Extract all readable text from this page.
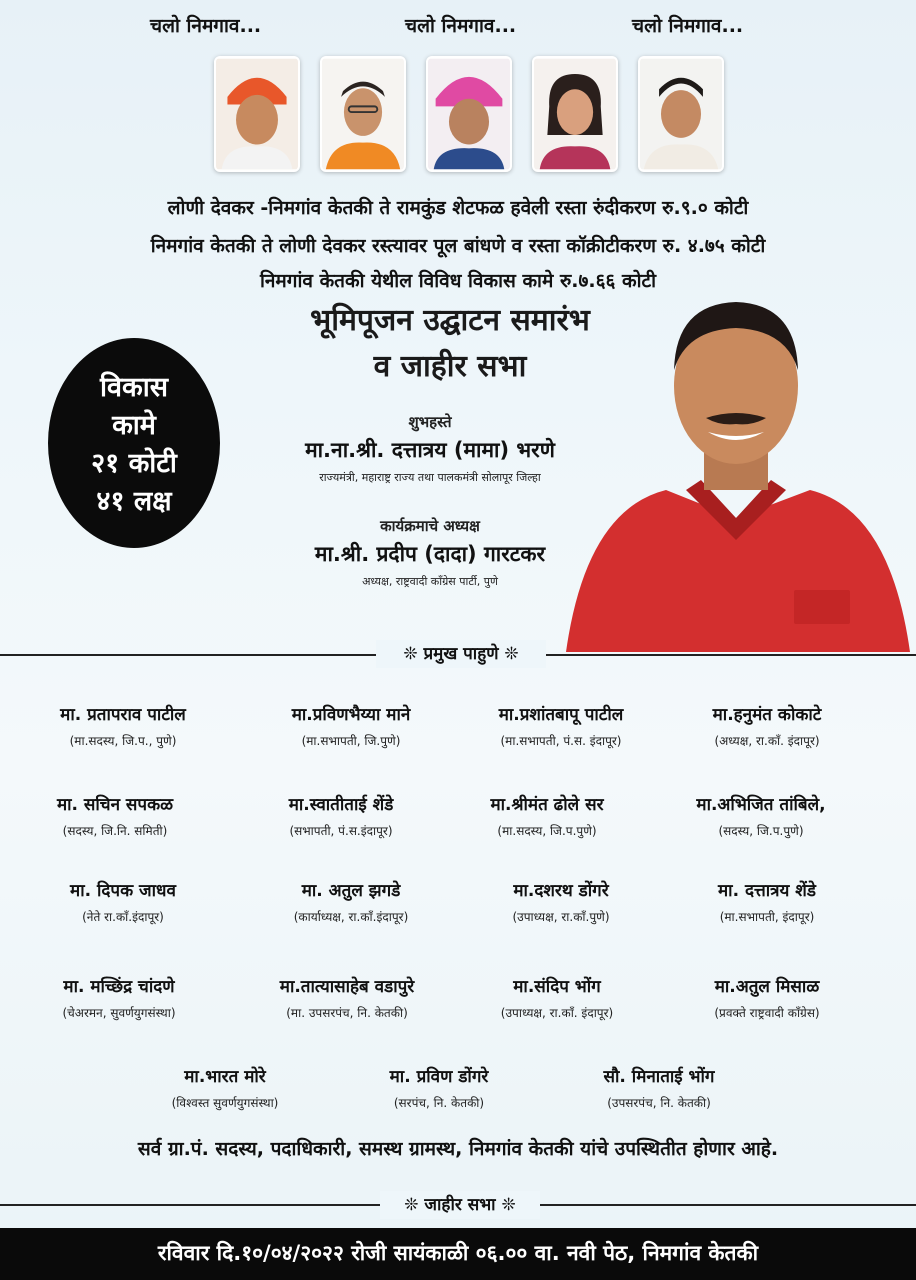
चलो निमगाव...	चलो निमगाव...	चलो निमगाव...
लोणी देवकर -निमगांव केतकी ते रामकुंड शेटफळ हवेली रस्ता रुंदीकरण रु.९.० कोटी
निमगांव केतकी ते लोणी देवकर रस्त्यावर पूल बांधणे व रस्ता कॉक्रीटीकरण रु. ४.७५ कोटी
निमगांव केतकी येथील विविध विकास कामे रु.७.६६ कोटी
भूमिपूजन उद्घाटन समारंभ
व जाहीर सभा
विकास
कामे
२१ कोटी
४१ लक्ष
शुभहस्ते
मा.ना.श्री. दत्तात्रय (मामा) भरणे
राज्यमंत्री, महाराष्ट्र राज्य तथा पालकमंत्री सोलापूर जिल्हा
कार्यक्रमाचे अध्यक्ष
मा.श्री. प्रदीप (दादा) गारटकर
अध्यक्ष, राष्ट्रवादी कॉंग्रेस पार्टी, पुणे
❊ प्रमुख पाहुणे ❊
मा. प्रतापराव पाटील
(मा.सदस्य, जि.प., पुणे)
मा.प्रविणभैय्या माने
(मा.सभापती, जि.पुणे)
मा.प्रशांतबापू पाटील
(मा.सभापती, पं.स. इंदापूर)
मा.हनुमंत कोकाटे
(अध्यक्ष, रा.कॉं. इंदापूर)
मा. सचिन सपकळ
(सदस्य, जि.नि. समिती)
मा.स्वातीताई शेंडे
(सभापती, पं.स.इंदापूर)
मा.श्रीमंत ढोले सर
(मा.सदस्य, जि.प.पुणे)
मा.अभिजित तांबिले,
(सदस्य, जि.प.पुणे)
मा. दिपक जाधव
(नेते रा.कॉं.इंदापूर)
मा. अतुल झगडे
(कार्याध्यक्ष, रा.कॉं.इंदापूर)
मा.दशरथ डोंगरे
(उपाध्यक्ष, रा.कॉं.पुणे)
मा. दत्तात्रय शेंडे
(मा.सभापती, इंदापूर)
मा. मच्छिंद्र चांदणे
(चेअरमन, सुवर्णयुगसंस्था)
मा.तात्यासाहेब वडापुरे
(मा. उपसरपंच, नि. केतकी)
मा.संदिप भोंग
(उपाध्यक्ष, रा.कॉं. इंदापूर)
मा.अतुल मिसाळ
(प्रवक्ते राष्ट्रवादी कॉंग्रेस)
मा.भारत मोरे
(विश्वस्त सुवर्णयुगसंस्था)
मा. प्रविण डोंगरे
(सरपंच, नि. केतकी)
सौ. मिनाताई भोंग
(उपसरपंच, नि. केतकी)
सर्व ग्रा.पं. सदस्य, पदाधिकारी, समस्थ ग्रामस्थ, निमगांव केतकी यांचे उपस्थितीत होणार आहे.
❊ जाहीर सभा ❊
रविवार दि.१०/०४/२०२२ रोजी सायंकाळी ०६.०० वा. नवी पेठ, निमगांव केतकी
